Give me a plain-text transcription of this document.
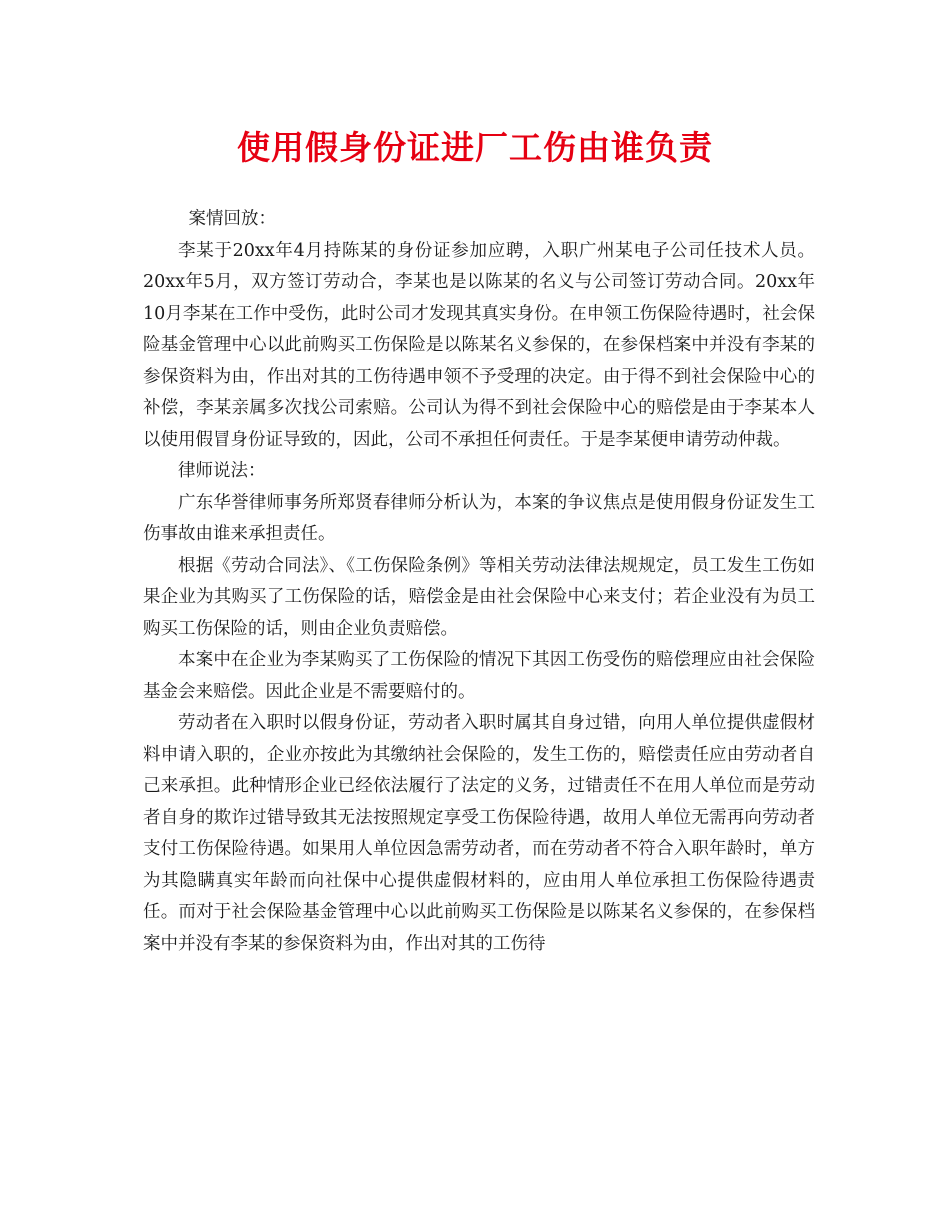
使用假身份证进厂工伤由谁负责

案情回放：

李某于20xx年4月持陈某的身份证参加应聘，入职广州某电子公司任技术人员。20xx年5月，双方签订劳动合，李某也是以陈某的名义与公司签订劳动合同。20xx年10月李某在工作中受伤，此时公司才发现其真实身份。在申领工伤保险待遇时，社会保险基金管理中心以此前购买工伤保险是以陈某名义参保的，在参保档案中并没有李某的参保资料为由，作出对其的工伤待遇申领不予受理的决定。由于得不到社会保险中心的补偿，李某亲属多次找公司索赔。公司认为得不到社会保险中心的赔偿是由于李某本人以使用假冒身份证导致的，因此，公司不承担任何责任。于是李某便申请劳动仲裁。

律师说法：

广东华誉律师事务所郑贤春律师分析认为，本案的争议焦点是使用假身份证发生工伤事故由谁来承担责任。

根据《劳动合同法》、《工伤保险条例》等相关劳动法律法规规定，员工发生工伤如果企业为其购买了工伤保险的话，赔偿金是由社会保险中心来支付；若企业没有为员工购买工伤保险的话，则由企业负责赔偿。

本案中在企业为李某购买了工伤保险的情况下其因工伤受伤的赔偿理应由社会保险基金会来赔偿。因此企业是不需要赔付的。

劳动者在入职时以假身份证，劳动者入职时属其自身过错，向用人单位提供虚假材料申请入职的，企业亦按此为其缴纳社会保险的，发生工伤的，赔偿责任应由劳动者自己来承担。此种情形企业已经依法履行了法定的义务，过错责任不在用人单位而是劳动者自身的欺诈过错导致其无法按照规定享受工伤保险待遇，故用人单位无需再向劳动者支付工伤保险待遇。如果用人单位因急需劳动者，而在劳动者不符合入职年龄时，单方为其隐瞒真实年龄而向社保中心提供虚假材料的，应由用人单位承担工伤保险待遇责任。而对于社会保险基金管理中心以此前购买工伤保险是以陈某名义参保的，在参保档案中并没有李某的参保资料为由，作出对其的工伤待
